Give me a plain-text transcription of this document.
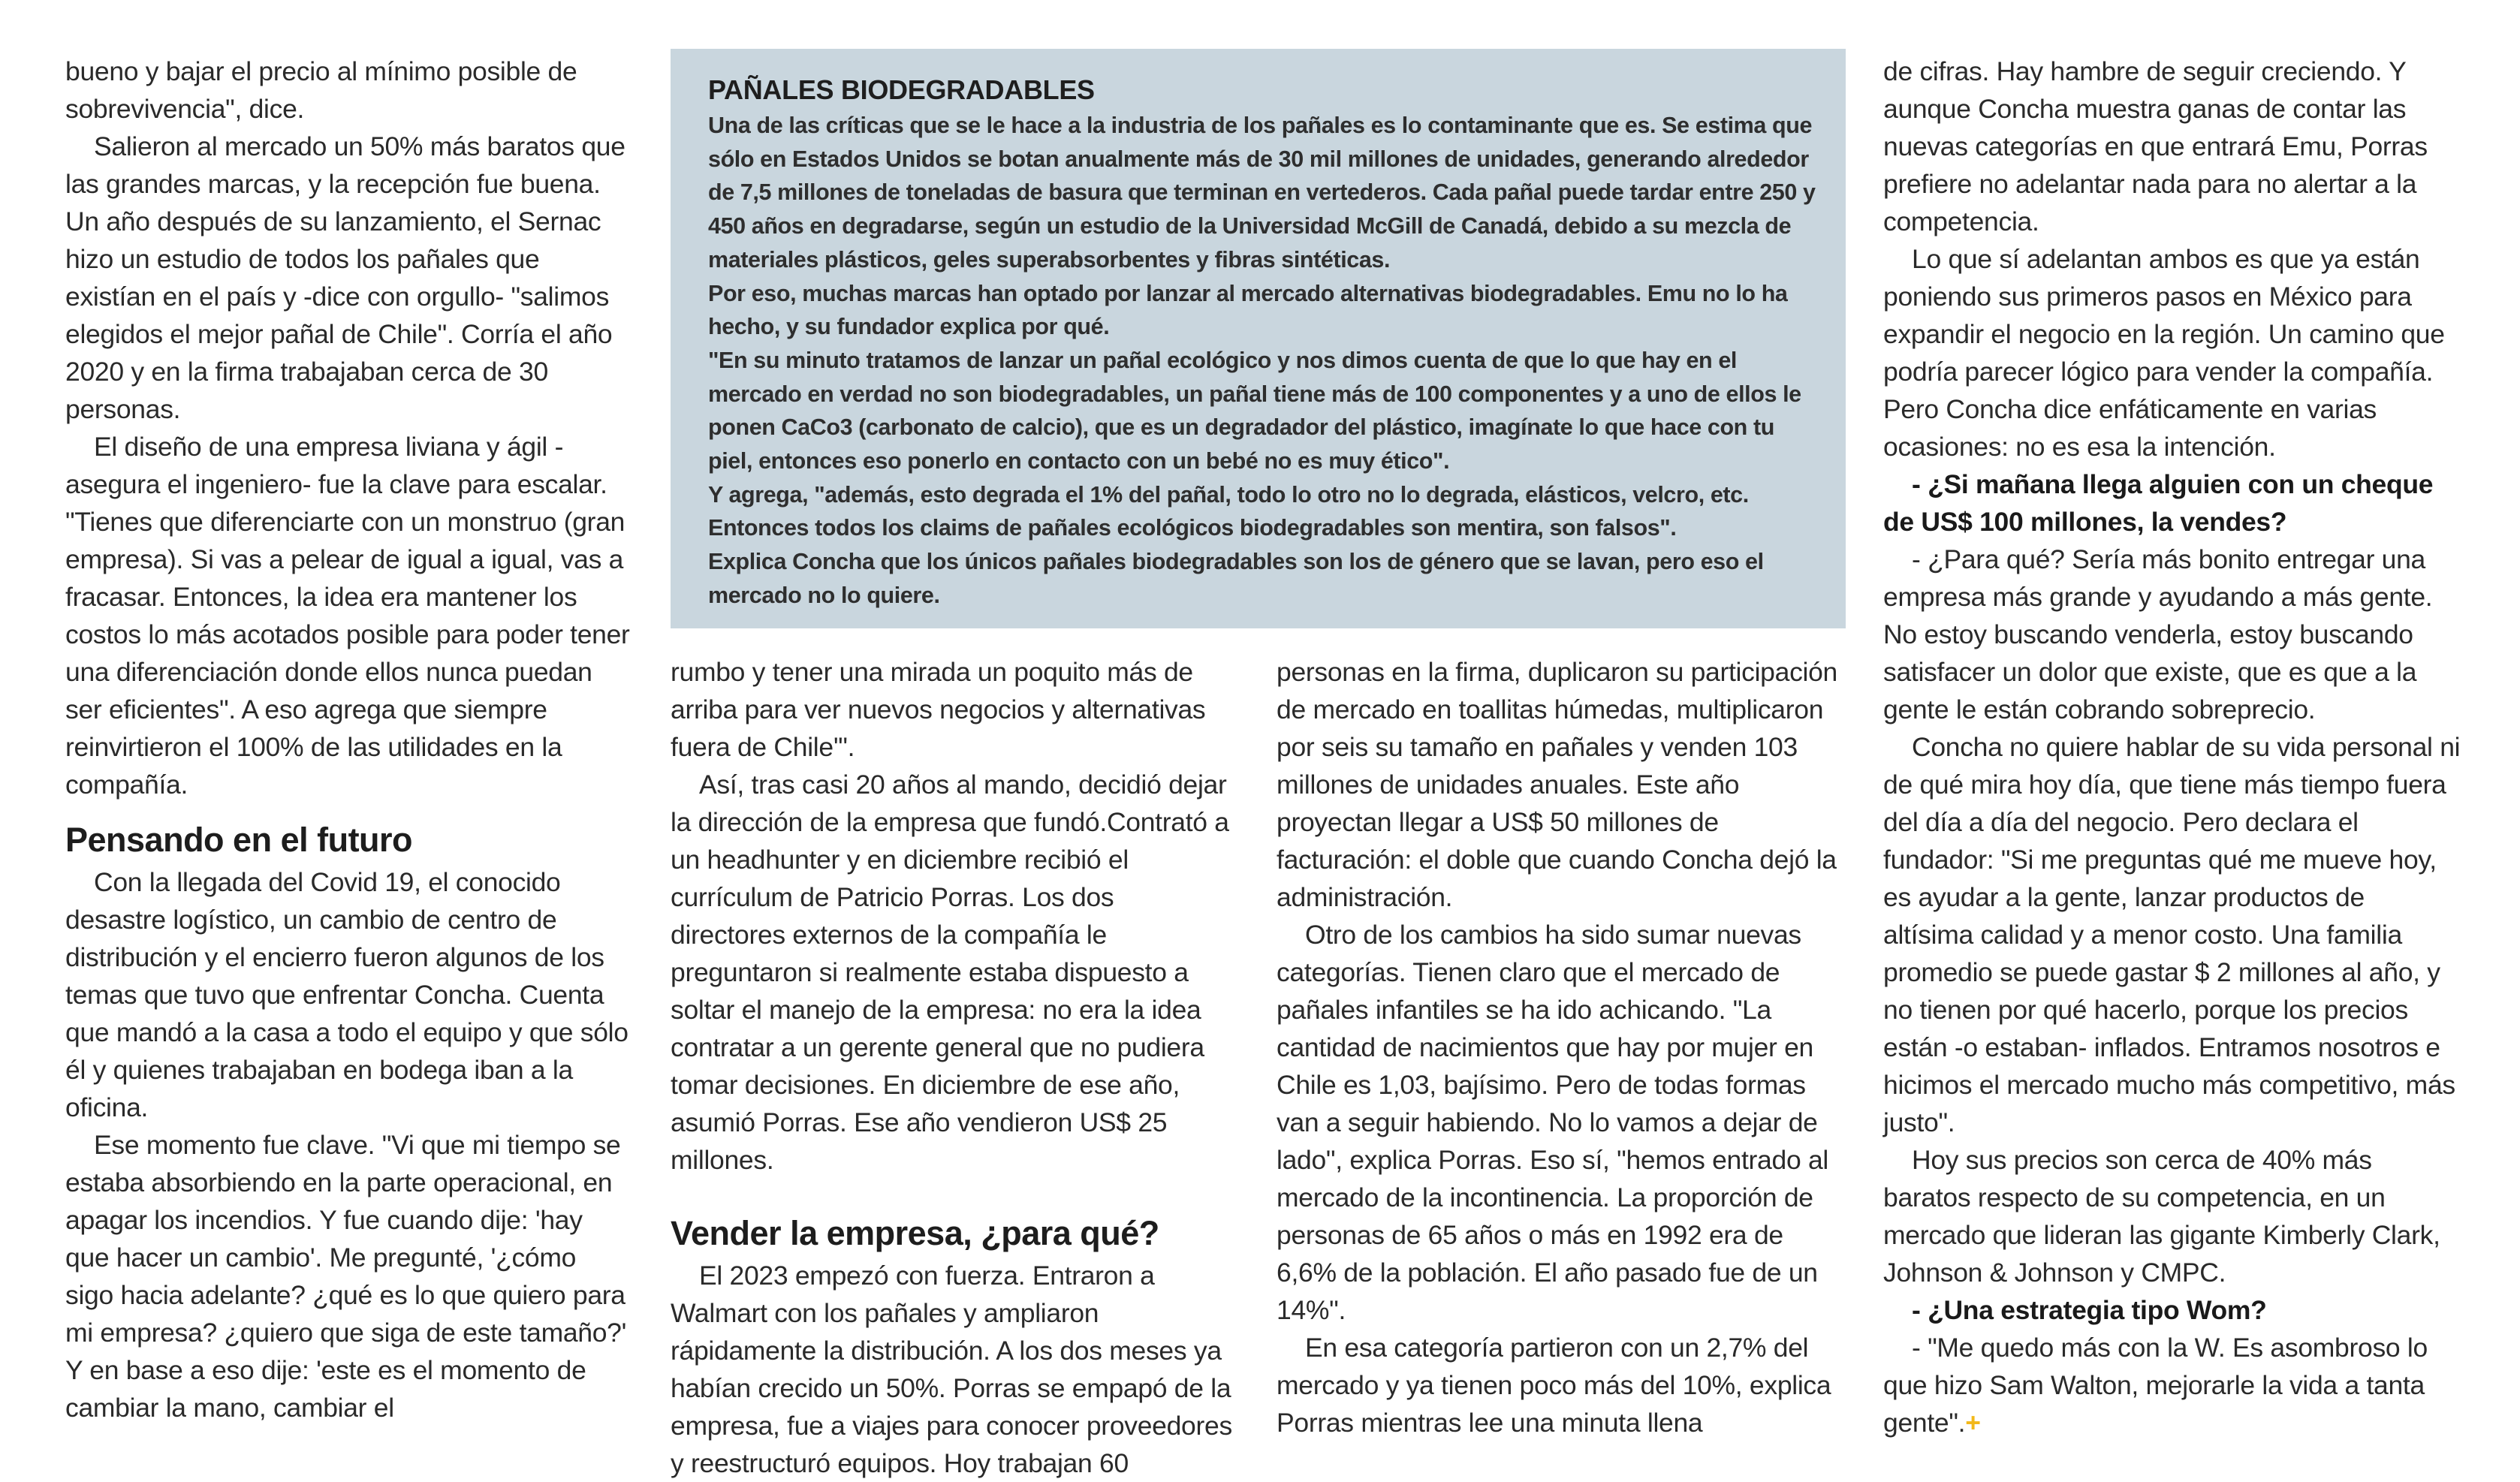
bueno y bajar el precio al mínimo posible de sobrevivencia", dice.

Salieron al mercado un 50% más baratos que las grandes marcas, y la recepción fue buena. Un año después de su lanzamiento, el Sernac hizo un estudio de todos los pañales que existían en el país y -dice con orgullo- "salimos elegidos el mejor pañal de Chile". Corría el año 2020 y en la firma trabajaban cerca de 30 personas.

El diseño de una empresa liviana y ágil -asegura el ingeniero- fue la clave para escalar. "Tienes que diferenciarte con un monstruo (gran empresa). Si vas a pelear de igual a igual, vas a fracasar. Entonces, la idea era mantener los costos lo más acotados posible para poder tener una diferenciación donde ellos nunca puedan ser eficientes". A eso agrega que siempre reinvirtieron el 100% de las utilidades en la compañía.

Pensando en el futuro

Con la llegada del Covid 19, el conocido desastre logístico, un cambio de centro de distribución y el encierro fueron algunos de los temas que tuvo que enfrentar Concha. Cuenta que mandó a la casa a todo el equipo y que sólo él y quienes trabajaban en bodega iban a la oficina.

Ese momento fue clave. "Vi que mi tiempo se estaba absorbiendo en la parte operacional, en apagar los incendios. Y fue cuando dije: 'hay que hacer un cambio'. Me pregunté, '¿cómo sigo hacia adelante? ¿qué es lo que quiero para mi empresa? ¿quiero que siga de este tamaño?' Y en base a eso dije: 'este es el momento de cambiar la mano, cambiar el

PAÑALES BIODEGRADABLES

Una de las críticas que se le hace a la industria de los pañales es lo contaminante que es. Se estima que sólo en Estados Unidos se botan anualmente más de 30 mil millones de unidades, generando alrededor de 7,5 millones de toneladas de basura que terminan en vertederos. Cada pañal puede tardar entre 250 y 450 años en degradarse, según un estudio de la Universidad McGill de Canadá, debido a su mezcla de materiales plásticos, geles superabsorbentes y fibras sintéticas.

Por eso, muchas marcas han optado por lanzar al mercado alternativas biodegradables. Emu no lo ha hecho, y su fundador explica por qué.

"En su minuto tratamos de lanzar un pañal ecológico y nos dimos cuenta de que lo que hay en el mercado en verdad no son biodegradables, un pañal tiene más de 100 componentes y a uno de ellos le ponen CaCo3 (carbonato de calcio), que es un degradador del plástico, imagínate lo que hace con tu piel, entonces eso ponerlo en contacto con un bebé no es muy ético".

Y agrega, "además, esto degrada el 1% del pañal, todo lo otro no lo degrada, elásticos, velcro, etc. Entonces todos los claims de pañales ecológicos biodegradables son mentira, son falsos".

Explica Concha que los únicos pañales biodegradables son los de género que se lavan, pero eso el mercado no lo quiere.

rumbo y tener una mirada un poquito más de arriba para ver nuevos negocios y alternativas fuera de Chile'".

Así, tras casi 20 años al mando, decidió dejar la dirección de la empresa que fundó.Contrató a un headhunter y en diciembre recibió el currículum de Patricio Porras. Los dos directores externos de la compañía le preguntaron si realmente estaba dispuesto a soltar el manejo de la empresa: no era la idea contratar a un gerente general que no pudiera tomar decisiones. En diciembre de ese año, asumió Porras. Ese año vendieron US$ 25 millones.

Vender la empresa, ¿para qué?

El 2023 empezó con fuerza. Entraron a Walmart con los pañales y ampliaron rápidamente la distribución. A los dos meses ya habían crecido un 50%. Porras se empapó de la empresa, fue a viajes para conocer proveedores y reestructuró equipos. Hoy trabajan 60

personas en la firma, duplicaron su participación de mercado en toallitas húmedas, multiplicaron por seis su tamaño en pañales y venden 103 millones de unidades anuales. Este año proyectan llegar a US$ 50 millones de facturación: el doble que cuando Concha dejó la administración.

Otro de los cambios ha sido sumar nuevas categorías. Tienen claro que el mercado de pañales infantiles se ha ido achicando. "La cantidad de nacimientos que hay por mujer en Chile es 1,03, bajísimo. Pero de todas formas van a seguir habiendo. No lo vamos a dejar de lado", explica Porras. Eso sí, "hemos entrado al mercado de la incontinencia. La proporción de personas de 65 años o más en 1992 era de 6,6% de la población. El año pasado fue de un 14%".

En esa categoría partieron con un 2,7% del mercado y ya tienen poco más del 10%, explica Porras mientras lee una minuta llena

de cifras. Hay hambre de seguir creciendo. Y aunque Concha muestra ganas de contar las nuevas categorías en que entrará Emu, Porras prefiere no adelantar nada para no alertar a la competencia.

Lo que sí adelantan ambos es que ya están poniendo sus primeros pasos en México para expandir el negocio en la región. Un camino que podría parecer lógico para vender la compañía. Pero Concha dice enfáticamente en varias ocasiones: no es esa la intención.

- ¿Si mañana llega alguien con un cheque de US$ 100 millones, la vendes?

- ¿Para qué? Sería más bonito entregar una empresa más grande y ayudando a más gente. No estoy buscando venderla, estoy buscando satisfacer un dolor que existe, que es que a la gente le están cobrando sobreprecio.

Concha no quiere hablar de su vida personal ni de qué mira hoy día, que tiene más tiempo fuera del día a día del negocio. Pero declara el fundador: "Si me preguntas qué me mueve hoy, es ayudar a la gente, lanzar productos de altísima calidad y a menor costo. Una familia promedio se puede gastar $ 2 millones al año, y no tienen por qué hacerlo, porque los precios están -o estaban- inflados. Entramos nosotros e hicimos el mercado mucho más competitivo, más justo".

Hoy sus precios son cerca de 40% más baratos respecto de su competencia, en un mercado que lideran las gigante Kimberly Clark, Johnson & Johnson y CMPC.

- ¿Una estrategia tipo Wom?

- "Me quedo más con la W. Es asombroso lo que hizo Sam Walton, mejorarle la vida a tanta gente".+
